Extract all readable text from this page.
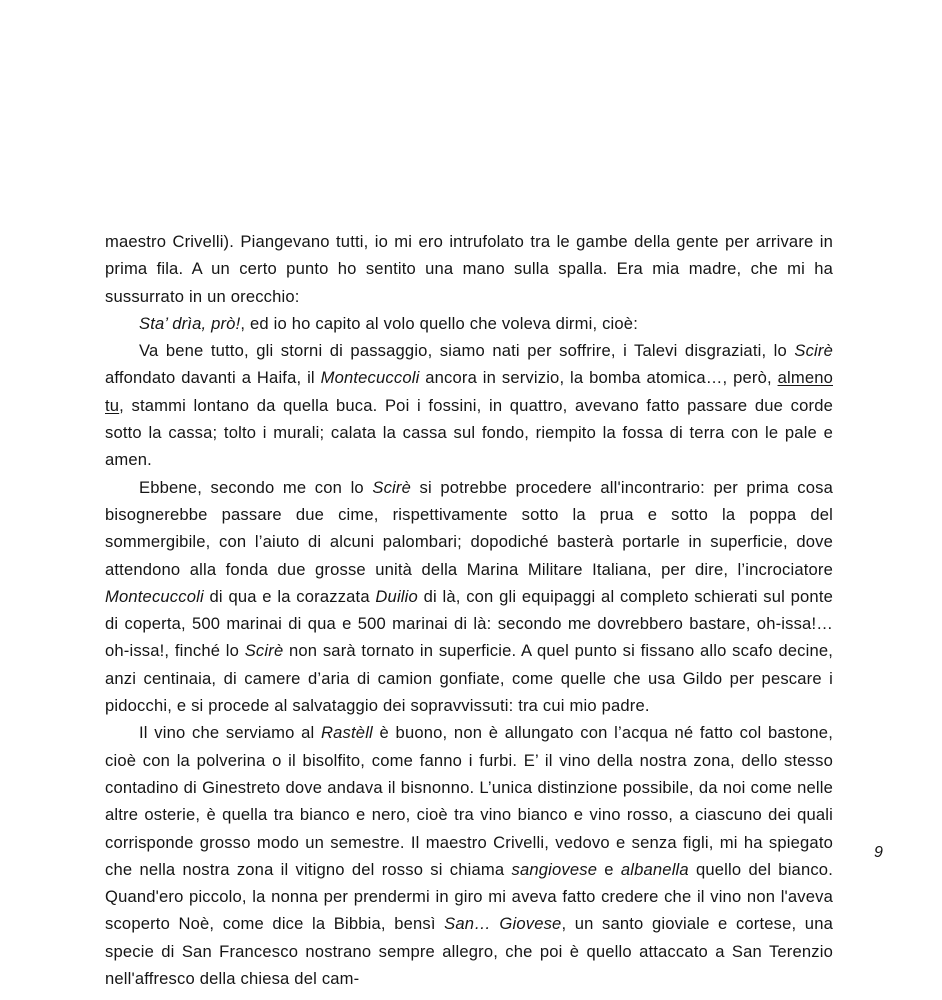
maestro Crivelli). Piangevano tutti, io mi ero intrufolato tra le gambe della gente per arrivare in prima fila. A un certo punto ho sentito una mano sulla spalla. Era mia madre, che mi ha sussurrato in un orecchio:

Sta’ drìa, prò!, ed io ho capito al volo quello che voleva dirmi, cioè:

Va bene tutto, gli storni di passaggio, siamo nati per soffrire, i Talevi disgraziati, lo Scirè affondato davanti a Haifa, il Montecuccoli ancora in servizio, la bomba atomica…, però, almeno tu, stammi lontano da quella buca. Poi i fossini, in quattro, avevano fatto passare due corde sotto la cassa; tolto i murali; calata la cassa sul fondo, riempito la fossa di terra con le pale e amen.

Ebbene, secondo me con lo Scirè si potrebbe procedere all'incontrario: per prima cosa bisognerebbe passare due cime, rispettivamente sotto la prua e sotto la poppa del sommergibile, con l’aiuto di alcuni palombari; dopodiché basterà portarle in superficie, dove attendono alla fonda due grosse unità della Marina Militare Italiana, per dire, l’incrociatore Montecuccoli di qua e la corazzata Duilio di là, con gli equipaggi al completo schierati sul ponte di coperta, 500 marinai di qua e 500 marinai di là: secondo me dovrebbero bastare, oh-issa!…oh-issa!, finché lo Scirè non sarà tornato in superficie. A quel punto si fissano allo scafo decine, anzi centinaia, di camere d’aria di camion gonfiate, come quelle che usa Gildo per pescare i pidocchi, e si procede al salvataggio dei sopravvissuti: tra cui mio padre.

Il vino che serviamo al Rastèll è buono, non è allungato con l’acqua né fatto col bastone, cioè con la polverina o il bisolfito, come fanno i furbi. E’ il vino della nostra zona, dello stesso contadino di Ginestreto dove andava il bisnonno. L’unica distinzione possibile, da noi come nelle altre osterie, è quella tra bianco e nero, cioè tra vino bianco e vino rosso, a ciascuno dei quali corrisponde grosso modo un semestre. Il maestro Crivelli, vedovo e senza figli, mi ha spiegato che nella nostra zona il vitigno del rosso si chiama sangiovese e albanella quello del bianco. Quand'ero piccolo, la nonna per prendermi in giro mi aveva fatto credere che il vino non l'aveva scoperto Noè, come dice la Bibbia, bensì San… Giovese, un santo gioviale e cortese, una specie di San Francesco nostrano sempre allegro, che poi è quello attaccato a San Terenzio nell'affresco della chiesa del cam-

9
